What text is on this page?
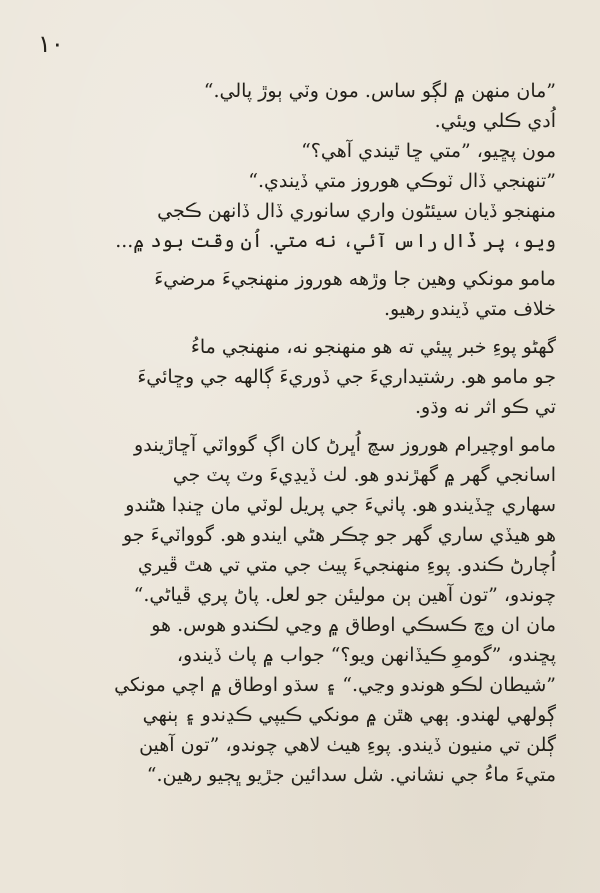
١٠
”مان منهن ۾ لڳو ساس. مون وٽي ٻوڙ پالي.“
اُدي ڪلي ويئي.
مون پڇيو، ”متي ڇا ٿيندي آهي؟“
”تنهنجي ڏال ٽوڪي هوروز متي ڏيندي.“
منهنجو ڏيان سيئڻون واري سانوري ڏال ڏانهن ڪجي
ويو، پر ڏال راس آئي، نه متي. اُن وقت بود ۾...
مامو مونکي وهين جا وڙهه هوروز منهنجيءَ مرضيءَ
خلاف متي ڏيندو رهيو.
گهڻو پوءِ خبر پيئي ته هو منهنجو نه، منهنجي ماءُ
جو مامو هو. رشتيداريءَ جي ڏوريءَ ڳالهه جي وڇائيءَ
تي ڪو اثر نه وڌو.
مامو اوچيرام هوروز سچ اُڀرڻ کان اڳ گوواٽي آڇاڙيندو
اسانجي گهر ۾ گهڙندو هو. لٺ ڏيڍيءَ وٽ پٽ جي
سهاري ڇڏيندو هو. پاٺيءَ جي پريل لوٽي مان ڇنڊا هڻندو
هو هيڏي ساري گهر جو چڪر هڻي ايندو هو. گوواٽيءَ جو
اُچارڻ ڪندو. پوءِ منهنجيءَ پيٺ جي متي تي هٿ ڦيري
چوندو، ”تون آهين ٻن موليئن جو لعل. پاڻ پري ڦياڻي.“
مان ان وچ ڪسڪي اوطاق ۾ وڃي لڪندو هوس. هو
پڇندو، ”گوموِ ڪيڏانهن ويو؟“ جواب ۾ پاٺ ڏيندو،
”شيطان لڪو هوندو وڃي.“ ۽ سڌو اوطاق ۾ اچي مونکي
ڳولهي لهندو. ٻهي هٿن ۾ مونکي ڪيپي ڪڍندو ۽ ٻنهي
ڳلن تي منيون ڏيندو. پوءِ هيٺ لاهي چوندو، ”تون آهين
متيءَ ماءُ جي نشاني. شل سدائين جڙيو ڀڄيو رهين.“
